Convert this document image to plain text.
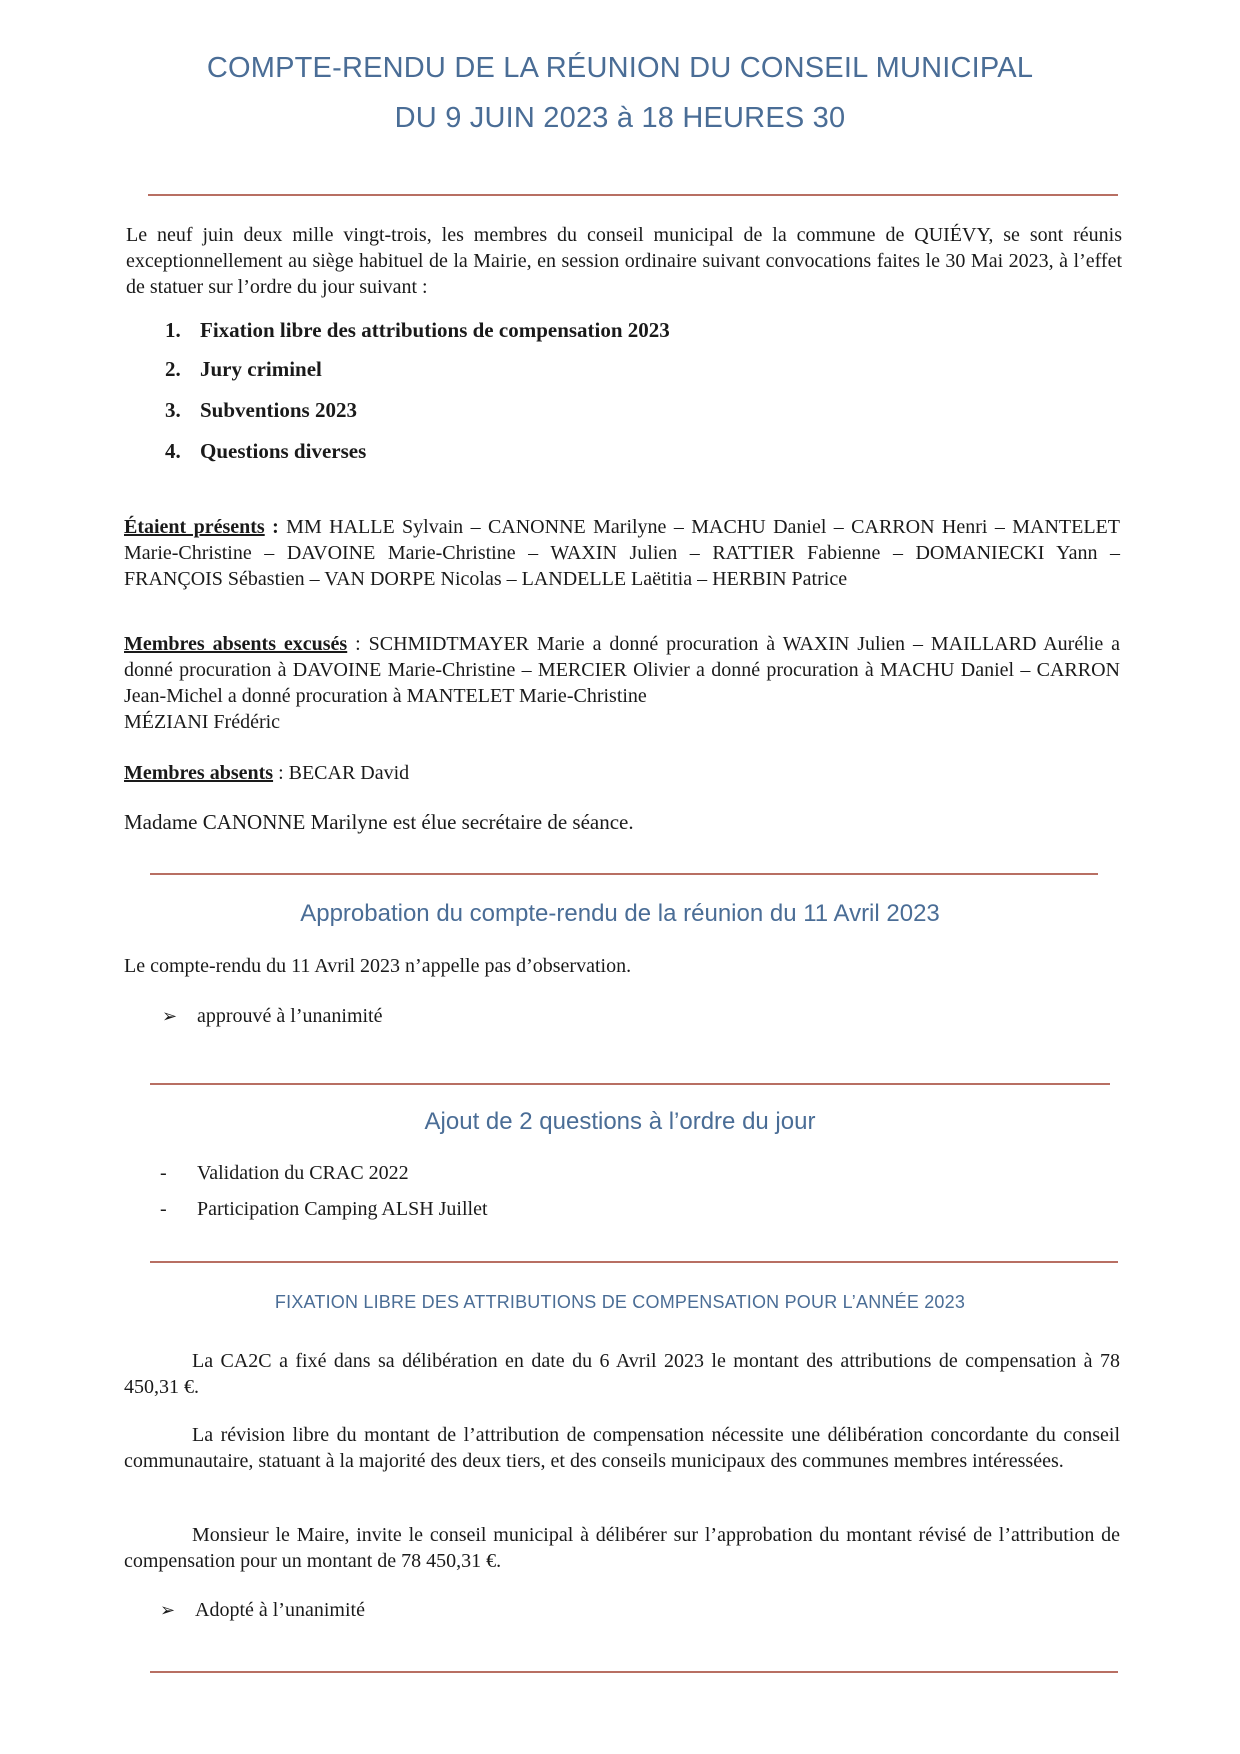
COMPTE-RENDU DE LA RÉUNION DU CONSEIL MUNICIPAL
DU 9 JUIN 2023 à 18 HEURES 30
Le neuf juin deux mille vingt-trois, les membres du conseil municipal de la commune de QUIÉVY, se sont réunis exceptionnellement au siège habituel de la Mairie, en session ordinaire suivant convocations faites le 30 Mai 2023, à l’effet de statuer sur l’ordre du jour suivant :
1. Fixation libre des attributions de compensation 2023
2. Jury criminel
3. Subventions 2023
4. Questions diverses
Étaient présents : MM HALLE Sylvain – CANONNE Marilyne – MACHU Daniel – CARRON Henri – MANTELET Marie-Christine – DAVOINE Marie-Christine – WAXIN Julien – RATTIER Fabienne – DOMANIECKI Yann – FRANÇOIS Sébastien – VAN DORPE Nicolas – LANDELLE Laëtitia – HERBIN Patrice
Membres absents excusés : SCHMIDTMAYER Marie a donné procuration à WAXIN Julien – MAILLARD Aurélie a donné procuration à DAVOINE Marie-Christine – MERCIER Olivier a donné procuration à MACHU Daniel – CARRON Jean-Michel a donné procuration à MANTELET Marie-Christine
MÉZIANI Frédéric
Membres absents : BECAR David
Madame CANONNE Marilyne est élue secrétaire de séance.
Approbation du compte-rendu de la réunion du 11 Avril 2023
Le compte-rendu du 11 Avril 2023 n’appelle pas d’observation.
➢ approuvé à l’unanimité
Ajout de 2 questions à l’ordre du jour
- Validation du CRAC 2022
- Participation Camping ALSH Juillet
FIXATION LIBRE DES ATTRIBUTIONS DE COMPENSATION POUR L’ANNÉE 2023
La CA2C a fixé dans sa délibération en date du 6 Avril 2023 le montant des attributions de compensation à 78 450,31 €.
La révision libre du montant de l’attribution de compensation nécessite une délibération concordante du conseil communautaire, statuant à la majorité des deux tiers, et des conseils municipaux des communes membres intéressées.
Monsieur le Maire, invite le conseil municipal à délibérer sur l’approbation du montant révisé de l’attribution de compensation pour un montant de 78 450,31 €.
➢ Adopté à l’unanimité
